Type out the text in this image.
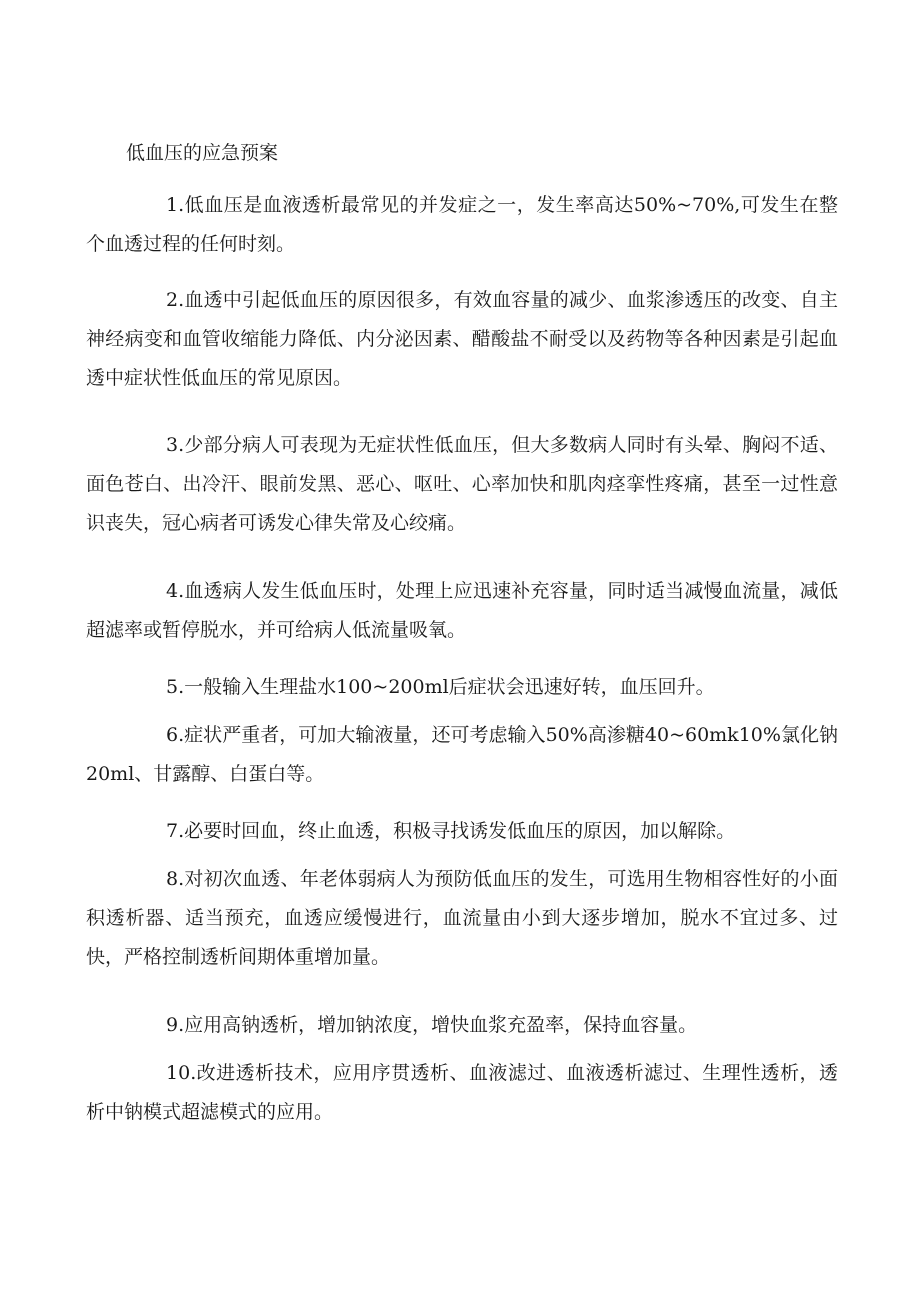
低血压的应急预案

1.低血压是血液透析最常见的并发症之一，发生率高达50%~70%,可发生在整个血透过程的任何时刻。

2.血透中引起低血压的原因很多，有效血容量的减少、血浆渗透压的改变、自主神经病变和血管收缩能力降低、内分泌因素、醋酸盐不耐受以及药物等各种因素是引起血透中症状性低血压的常见原因。

3.少部分病人可表现为无症状性低血压，但大多数病人同时有头晕、胸闷不适、面色苍白、出冷汗、眼前发黑、恶心、呕吐、心率加快和肌肉痉挛性疼痛，甚至一过性意识丧失，冠心病者可诱发心律失常及心绞痛。

4.血透病人发生低血压时，处理上应迅速补充容量，同时适当减慢血流量，减低超滤率或暂停脱水，并可给病人低流量吸氧。

5.一般输入生理盐水100~200ml后症状会迅速好转，血压回升。

6.症状严重者，可加大输液量，还可考虑输入50%高渗糖40~60mk10%氯化钠20ml、甘露醇、白蛋白等。

7.必要时回血，终止血透，积极寻找诱发低血压的原因，加以解除。

8.对初次血透、年老体弱病人为预防低血压的发生，可选用生物相容性好的小面积透析器、适当预充，血透应缓慢进行，血流量由小到大逐步增加，脱水不宜过多、过快，严格控制透析间期体重增加量。

9.应用高钠透析，增加钠浓度，增快血浆充盈率，保持血容量。

10.改进透析技术，应用序贯透析、血液滤过、血液透析滤过、生理性透析，透析中钠模式超滤模式的应用。
